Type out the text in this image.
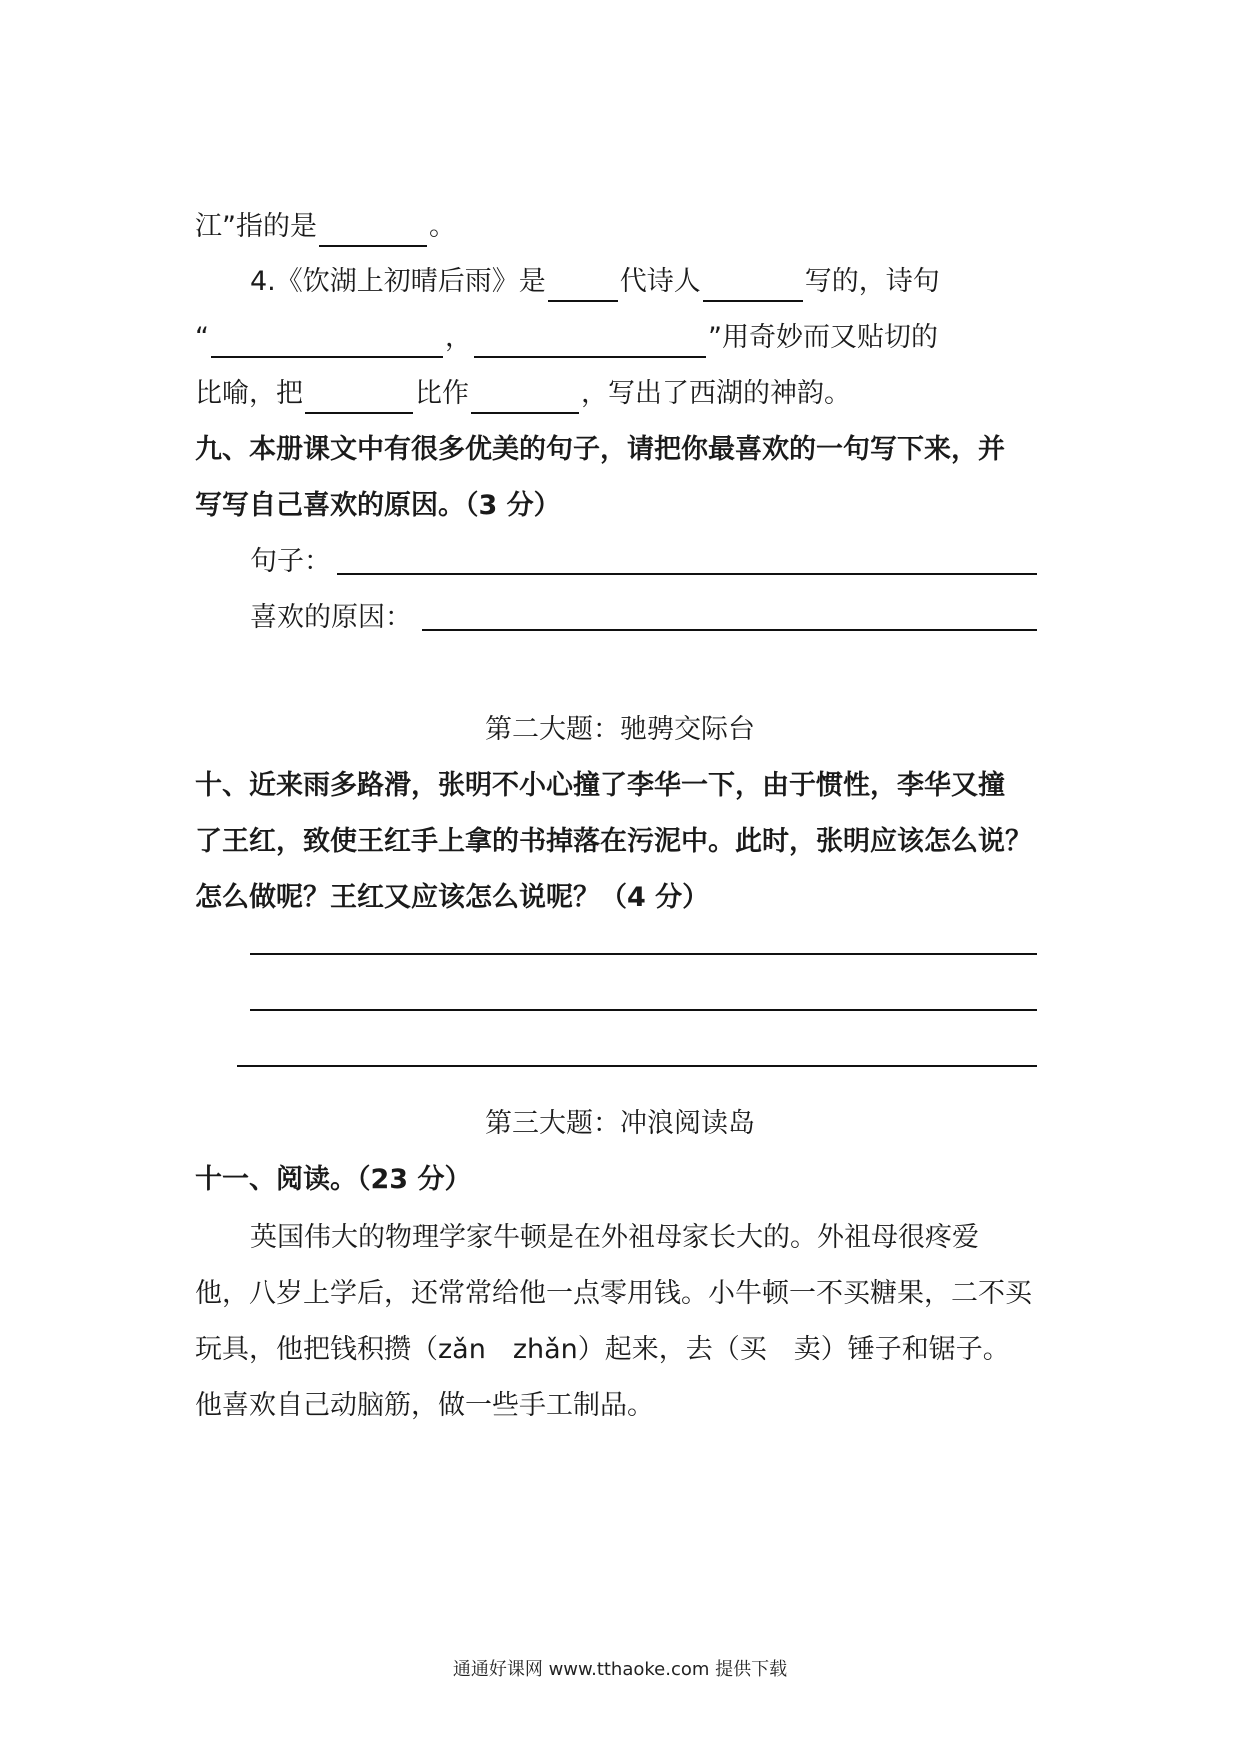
江”指的是	。
4.《饮湖上初晴后雨》是	代诗人	写的，诗句
“	，	”用奇妙而又贴切的
比喻，把	比作	，写出了西湖的神韵。
九、本册课文中有很多优美的句子，请把你最喜欢的一句写下来，并
写写自己喜欢的原因。（3 分）
句子：
喜欢的原因：
第二大题：驰骋交际台
十、近来雨多路滑，张明不小心撞了李华一下，由于惯性，李华又撞
了王红，致使王红手上拿的书掉落在污泥中。此时，张明应该怎么说？
怎么做呢？王红又应该怎么说呢？（4 分）
第三大题：冲浪阅读岛
十一、阅读。（23 分）
英国伟大的物理学家牛顿是在外祖母家长大的。外祖母很疼爱
他，八岁上学后，还常常给他一点零用钱。小牛顿一不买糖果，二不买
玩具，他把钱积攒（zǎn　zhǎn）起来，去（买　卖）锤子和锯子。
他喜欢自己动脑筋，做一些手工制品。
通通好课网 www.tthaoke.com 提供下载
